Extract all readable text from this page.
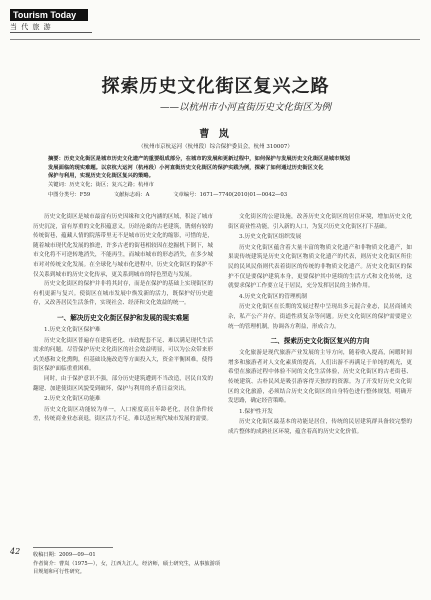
Tourism Today
当 代 旅 游
探索历史文化街区复兴之路
——以杭州市小河直街历史文化街区为例
曹 岚
（杭州市京杭运河（杭州段）综合保护委员会，杭州 310007）
摘要：历史文化街区是城市历史文化遗产的重要组成部分，在城市的发展和更新过程中，如何保护与发展历史文化街区是城市规划
发展面临的现实难题。以京杭大运河（杭州段）小河直街历史文化街区的保护实践为例，探索了如何通过历史街区文化
保护与利用，实现历史文化街区复兴的策略。
关键词：历史文化；街区；复兴之路；杭州市
中图分类号：F59	文献标志码：A	文章编号：1671—7740(2010)01—0042—03

历史文化街区是城市最富有历史因缘和文化内涵的区域，积淀了城市历史沉淀，富有厚重的文化积蕴意义。历经沧桑的古老建筑，镌刻有较的传统街巷，蕴藏人情的院落带里无不是城市历史文化的缩影，可惜的是，随着城市现代化发展的推进，许多古老的街巷相较因在挖掘机下倒下，城市文化将不可逆转地消失，不能再生，而城市城市的形态消失，在多少城市对对传统文化发展。在全球化与城市化进程中，历史文化街区的保护不仅关系到城市的历史文化传承，更关系到城市的特色塑造与发展。

历史文化街区的保护并非将其封存，而是在保护的基础上实现街区的有机更新与复兴。使街区在城市发展中焕发新的活力，既保护好历史遗存，又改善居民生活条件，实现社会、经济和文化效益的统一。

一、解决历史文化街区保护和发展的现实难题
1.历史文化街区保护难

历史文化街区普遍存在建筑老化、市政配套不足、难以满足现代生活需求的问题。尽管保护历史文化街区的社会效益明显，可以为公众带来形式美感和文化熏陶，但基础设施改造等方面投入大，资金平衡困难，使得街区保护面临重重困难。

同时，由于保护意识不强，部分历史建筑遭到不当改造，居民自发的翻建、加建使街区风貌受到破坏，保护与利用的矛盾日益突出。

2.历史文化街区功能难

历史文化街区功能较为单一，人口密度高且年龄老化，居住条件较差，传统商业业态衰退，街区活力不足，难以适应现代城市发展的需要。

文化街区的公建设施，改善历史文化街区的居住环境，增加历史文化街区商业性功能，引入新的人口，为复兴历史文化街区打下基础。

3.历史文化街区组织发展

历史文化街区蕴含着大量丰富的物质文化遗产和非物质文化遗产，如果说传统建筑是历史文化街区物质文化遗产的代表，则历史文化街区所住民的民风民俗则代表着街区的传统的非物质文化遗产。历史文化街区的保护不仅是要保护建筑本身，更要保护其中延续的生活方式和文化传统，这就要求保护工作要立足于居民，充分发挥居民的主体作用。

4.历史文化街区的管理机制

历史文化街区在长期的发展过程中呈现出多元混合业态，民居商铺夹杂，私产公产并存，街道性质复杂等问题。历史文化街区的保护需要建立统一的管理机制，协调各方利益，形成合力。

二、探索历史文化街区复兴的方向

文化旅游是现代旅游产业发展的主导方向，随着收入提高，闲暇时间增多和旅游者对人文化素质的提高，人们出游不再满足于单纯的观光，更希望在旅游过程中体验不同的文化生活体验，历史文化街区的古老街巷、传统建筑、古朴民风是吸引游客得天独厚的资源。为了开发好历史文化街区的文化旅游，必须结合历史文化街区的自身特色进行整体规划，明确开发思路，确定经营策略。

1.保护性开发

历史文化街区最基本的功能是居住，传统的民居建筑群具备较完整的成片整体的成熟社区环境，蕴含着高的历史文化价值。

42 收稿日期：2009—09—01
作者简介：曹岚（1975—），女，江西九江人，经济师，硕士研究生，从事旅游项目规划和可行性研究。
